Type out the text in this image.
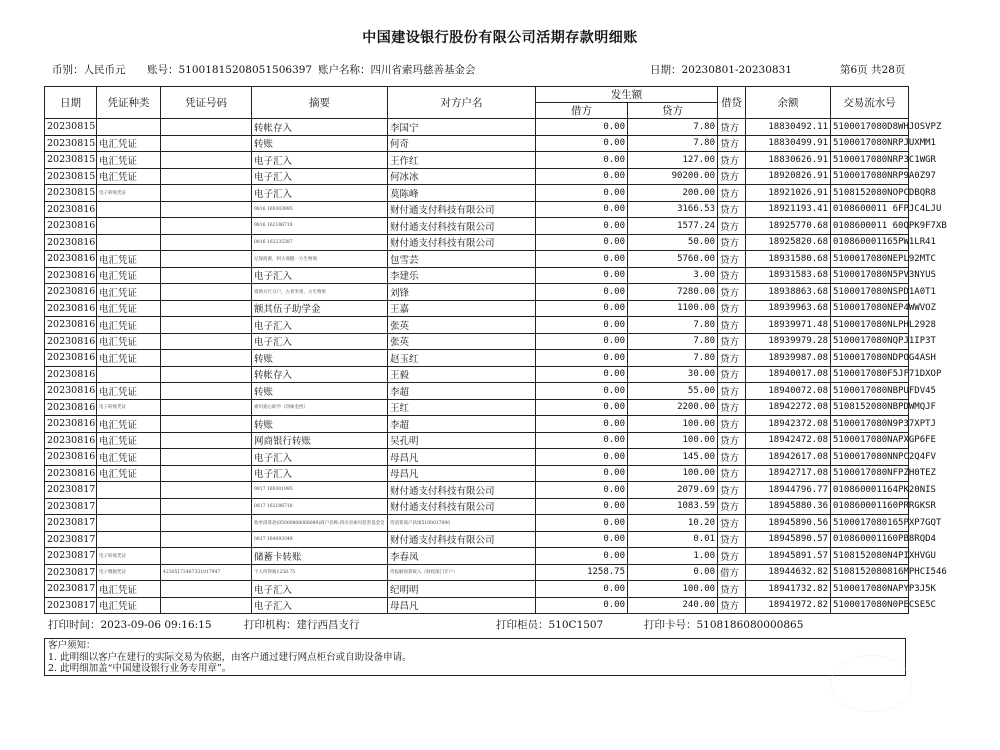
中国建设银行股份有限公司活期存款明细账
币别：人民币元 账号：51001815208051506397 账户名称：四川省索玛慈善基金会	日期：20230801-20230831	第6页 共28页
日期	凭证种类	凭证号码	摘要	对方户名	发生额		借贷	余额	交易流水号
					借方	贷方			
20230815			转帐存入	李国宁	0.00	7.80	贷方	18830492.11	5100017080D8WHJOSVPZ
20230815	电汇凭证		转账	何奇	0.00	7.80	贷方	18830499.91	5100017080NRPJUXMM1
20230815	电汇凭证		电子汇入	王作红	0.00	127.00	贷方	18830626.91	5100017080NRP3C1WGR
20230815	电汇凭证		电子汇入	何冰冰	0.00	90200.00	贷方	18920826.91	5100017080NRP9A0Z97
20230815	电子转账凭证		电子汇入	莫陈峰	0.00	200.00	贷方	18921026.91	5108152080NOPCDBQR8
20230816			0816 160303995	财付通支付科技有限公司	0.00	3166.53	贷方	18921193.41	0108600011 6FPJC4LJU
20230816			0816 162186718	财付通支付科技有限公司	0.00	1577.24	贷方	18925770.68	0108600011 60QPK9F7XB
20230816			0816 162235387	财付通支付科技有限公司	0.00	50.00	贷方	18925820.68	010860001165PW1LR41
20230816	电汇凭证		记保商源，阿古商健一方生物商	包雪芸	0.00	5760.00	贷方	18931580.68	5100017080NEPL92MTC
20230816	电汇凭证		电子汇入	李建乐	0.00	3.00	贷方	18931583.68	5100017080N5PV3NYUS
20230816	电汇凭证		资助方行分户，古普米果，古生物果	刘锋	0.00	7280.00	贷方	18938863.68	5100017080NSPD1A0T1
20230816	电汇凭证		额其伍子助学金	王嘉	0.00	1100.00	贷方	18939963.68	5100017080NEP4WWVOZ
20230816	电汇凭证		电子汇入	张英	0.00	7.80	贷方	18939971.48	5100017080NLPHL2928
20230816	电汇凭证		电子汇入	张英	0.00	7.80	贷方	18939979.28	5100017080NQPJ1IP3T
20230816	电汇凭证		转账	赵玉红	0.00	7.80	贷方	18939987.08	5100017080NDPOG4ASH
20230816			转帐存入	王毅	0.00	30.00	贷方	18940017.08	5100017080F5JF71DXOP
20230816	电汇凭证		转账	李超	0.00	55.00	贷方	18940072.08	5100017080NBPUFDV45
20230816	电子转账凭证		索玛爱心助学（四索金西）	王红	0.00	2200.00	贷方	18942272.08	5108152080NBPDWMQJF
20230816	电汇凭证		转账	李超	0.00	100.00	贷方	18942372.08	5100017080N9P37XPTJ
20230816	电汇凭证		网商银行转账	吴孔明	0.00	100.00	贷方	18942472.08	5100017080NAPXGP6FE
20230816	电汇凭证		电子汇入	母昌凡	0.00	145.00	贷方	18942617.08	5100017080NNPC2Q4FV
20230816	电汇凭证		电子汇入	母昌凡	0.00	100.00	贷方	18942717.08	5100017080NFPZH0TEZ
20230817			0817 160301995	财付通支付科技有限公司	0.00	2079.69	贷方	18944796.77	010860001164PK20NIS
20230817			0817 162186718	财付通支付科技有限公司	0.00	1083.59	贷方	18945880.36	010860001160PRRGKSR
20230817			收单清算款(05000808068080)商户名称:四川省索玛慈善基金会	待清算商户款项5100017080	0.00	10.20	贷方	18945890.56	5100017080165PXP7GQT
20230817			0817 164093349	财付通支付科技有限公司	0.00	0.01	贷方	18945890.57	010860001160PB8RQD4
20230817	电子转账凭证		储蓄卡转账	李春凤	0.00	1.00	贷方	18945891.57	5108152080N4PIXHVGU
20230817	电子缴税凭证	42305172467331017947	个人所得税1258.75	待报解预算收入（财政部门专户）	1258.75	0.00	借方	18944632.82	5108152080816MPHCI546
20230817	电汇凭证		电子汇入	纪明明	0.00	100.00	贷方	18941732.82	5100017080NAPYP3J5K
20230817	电汇凭证		电子汇入	母昌凡	0.00	240.00	贷方	18941972.82	5100017080N0PECSE5C
打印时间：2023-09-06 09:16:15	打印机构：建行西昌支行	打印柜员：510C1507	打印卡号：5108186080000865
客户须知：
1. 此明细以客户在建行的实际交易为依据，由客户通过建行网点柜台或自助设备申请。
2. 此明细加盖“中国建设银行业务专用章”。
